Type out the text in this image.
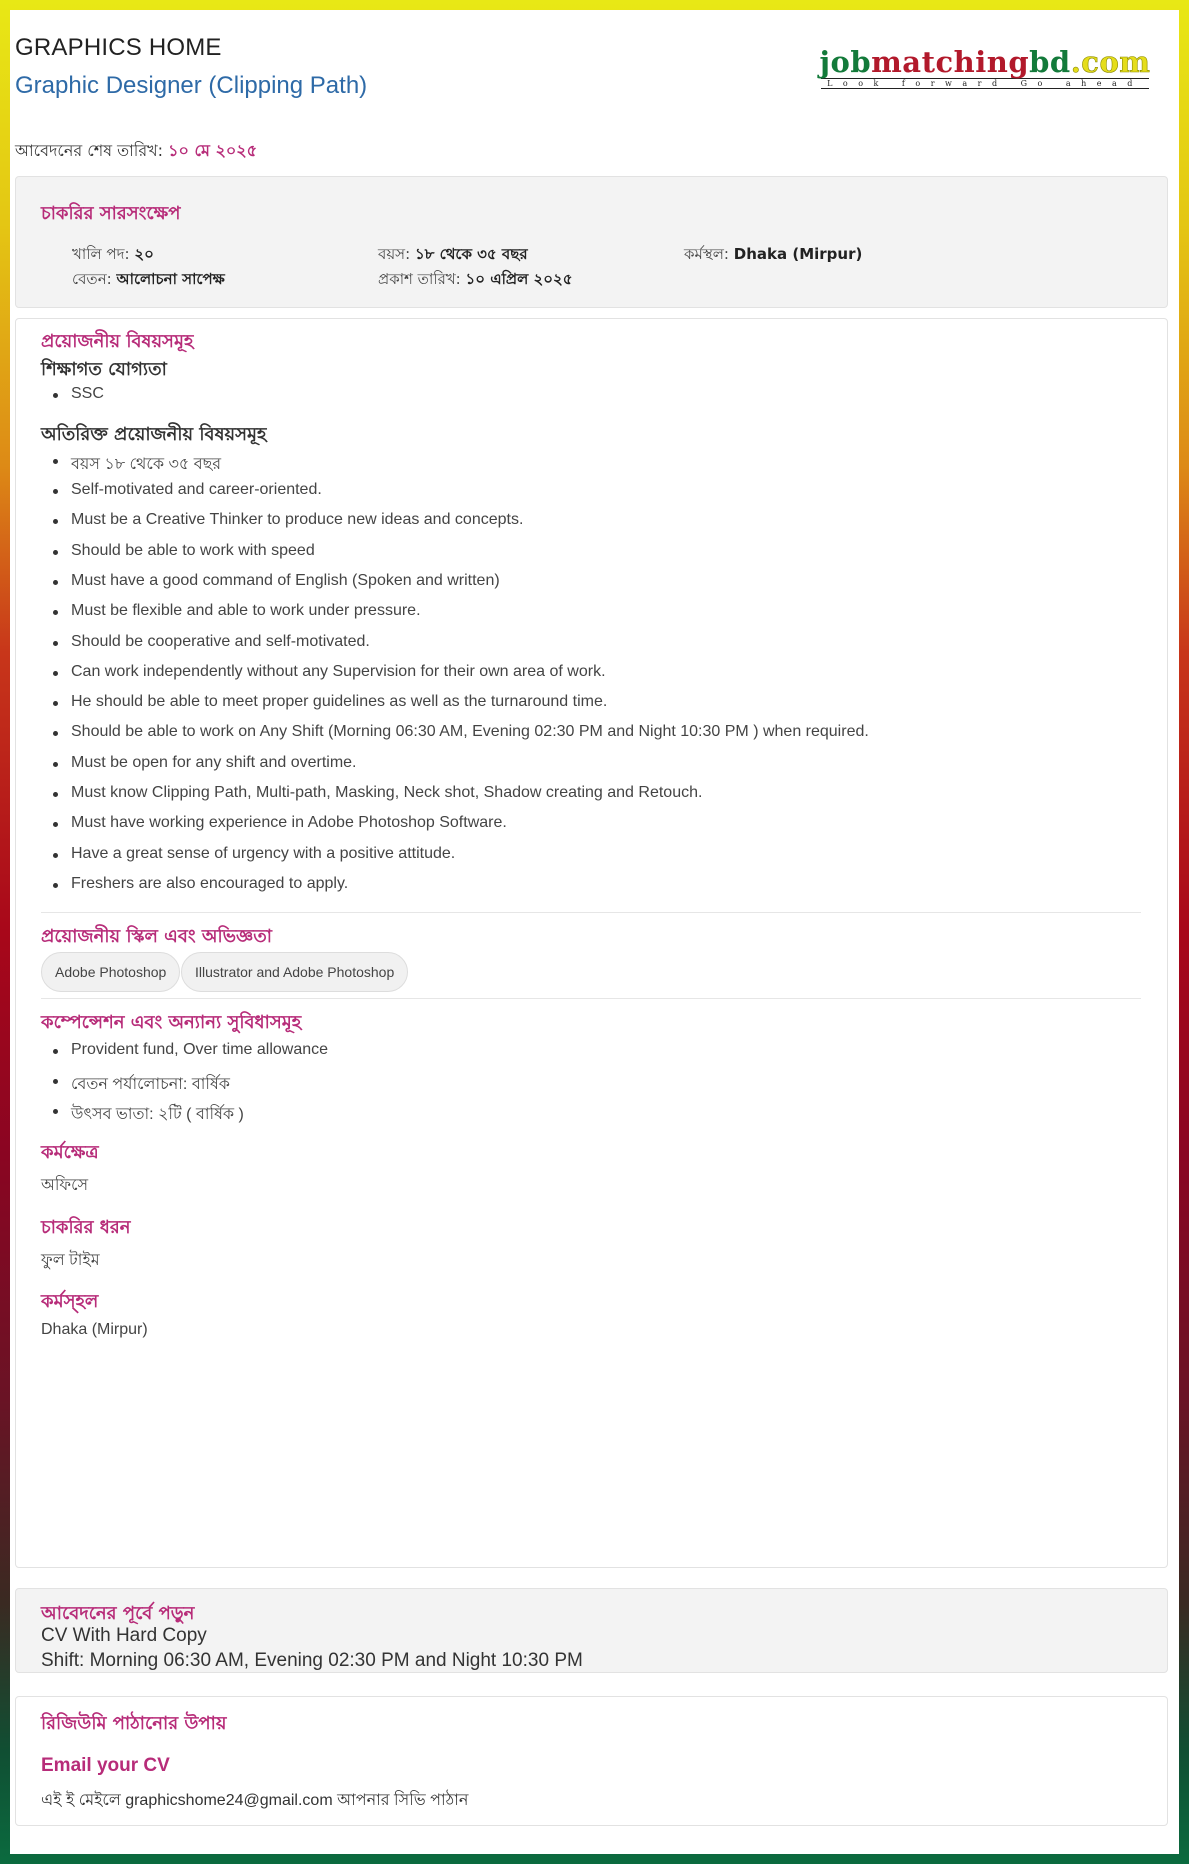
GRAPHICS HOME
Graphic Designer (Clipping Path)
আবেদনের শেষ তারিখ: ১০ মে ২০২৫
jobmatchingbd.com
Look forward Go ahead
চাকরির সারসংক্ষেপ
খালি পদ: ২০	বয়স: ১৮ থেকে ৩৫ বছর	কর্মস্থল: Dhaka (Mirpur)
বেতন: আলোচনা সাপেক্ষ	প্রকাশ তারিখ: ১০ এপ্রিল ২০২৫
প্রয়োজনীয় বিষয়সমূহ
শিক্ষাগত যোগ্যতা
SSC
অতিরিক্ত প্রয়োজনীয় বিষয়সমূহ
বয়স ১৮ থেকে ৩৫ বছর
Self-motivated and career-oriented.
Must be a Creative Thinker to produce new ideas and concepts.
Should be able to work with speed
Must have a good command of English (Spoken and written)
Must be flexible and able to work under pressure.
Should be cooperative and self-motivated.
Can work independently without any Supervision for their own area of work.
He should be able to meet proper guidelines as well as the turnaround time.
Should be able to work on Any Shift (Morning 06:30 AM, Evening 02:30 PM and Night 10:30 PM ) when required.
Must be open for any shift and overtime.
Must know Clipping Path, Multi-path, Masking, Neck shot, Shadow creating and Retouch.
Must have working experience in Adobe Photoshop Software.
Have a great sense of urgency with a positive attitude.
Freshers are also encouraged to apply.
প্রয়োজনীয় স্কিল এবং অভিজ্ঞতা
Adobe Photoshop	Illustrator and Adobe Photoshop
কম্পেন্সেশন এবং অন্যান্য সুবিধাসমূহ
Provident fund, Over time allowance
বেতন পর্যালোচনা: বার্ষিক
উৎসব ভাতা: ২টি ( বার্ষিক )
কর্মক্ষেত্র
অফিসে
চাকরির ধরন
ফুল টাইম
কর্মস্হল
Dhaka (Mirpur)
আবেদনের পূর্বে পড়ুন
CV With Hard Copy
Shift: Morning 06:30 AM, Evening 02:30 PM and Night 10:30 PM
রিজিউমি পাঠানোর উপায়
Email your CV
এই ই মেইলে graphicshome24@gmail.com আপনার সিভি পাঠান
